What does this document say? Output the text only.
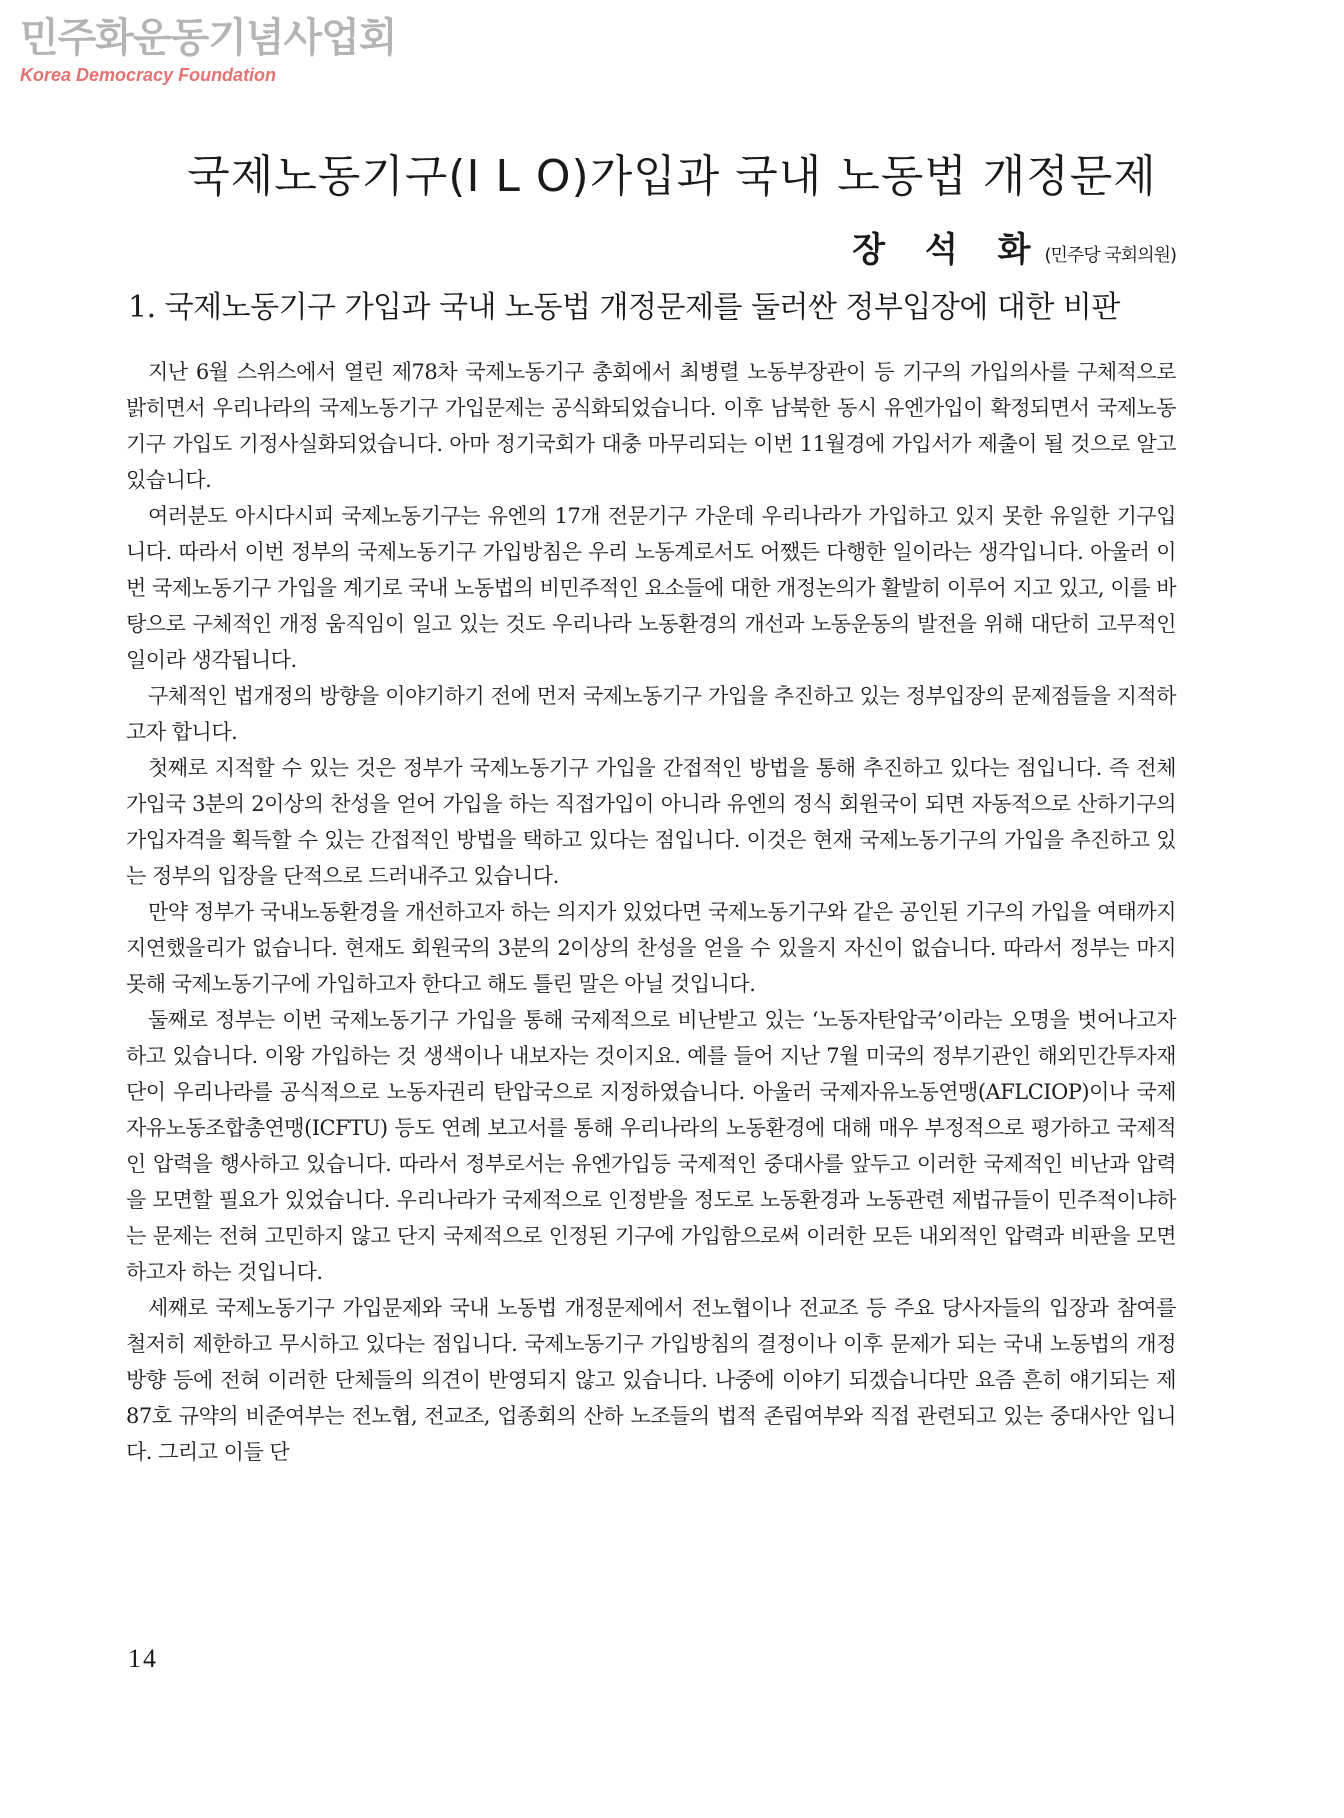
민주화운동기념사업회
Korea Democracy Foundation
국제노동기구(I L O)가입과 국내 노동법 개정문제
장 석 화(민주당 국회의원)
1. 국제노동기구 가입과 국내 노동법 개정문제를 둘러싼 정부입장에 대한 비판

지난 6월 스위스에서 열린 제78차 국제노동기구 총회에서 최병렬 노동부장관이 등 기구의 가입의사를 구체적으로 밝히면서 우리나라의 국제노동기구 가입문제는 공식화되었습니다. 이후 남북한 동시 유엔가입이 확정되면서 국제노동기구 가입도 기정사실화되었습니다. 아마 정기국회가 대충 마무리되는 이번 11월경에 가입서가 제출이 될 것으로 알고 있습니다.

여러분도 아시다시피 국제노동기구는 유엔의 17개 전문기구 가운데 우리나라가 가입하고 있지 못한 유일한 기구입니다. 따라서 이번 정부의 국제노동기구 가입방침은 우리 노동계로서도 어쨌든 다행한 일이라는 생각입니다. 아울러 이번 국제노동기구 가입을 계기로 국내 노동법의 비민주적인 요소들에 대한 개정논의가 활발히 이루어 지고 있고, 이를 바탕으로 구체적인 개정 움직임이 일고 있는 것도 우리나라 노동환경의 개선과 노동운동의 발전을 위해 대단히 고무적인 일이라 생각됩니다.

구체적인 법개정의 방향을 이야기하기 전에 먼저 국제노동기구 가입을 추진하고 있는 정부입장의 문제점들을 지적하고자 합니다.

첫째로 지적할 수 있는 것은 정부가 국제노동기구 가입을 간접적인 방법을 통해 추진하고 있다는 점입니다. 즉 전체가입국 3분의 2이상의 찬성을 얻어 가입을 하는 직접가입이 아니라 유엔의 정식 회원국이 되면 자동적으로 산하기구의 가입자격을 획득할 수 있는 간접적인 방법을 택하고 있다는 점입니다. 이것은 현재 국제노동기구의 가입을 추진하고 있는 정부의 입장을 단적으로 드러내주고 있습니다.

만약 정부가 국내노동환경을 개선하고자 하는 의지가 있었다면 국제노동기구와 같은 공인된 기구의 가입을 여태까지 지연했을리가 없습니다. 현재도 회원국의 3분의 2이상의 찬성을 얻을 수 있을지 자신이 없습니다. 따라서 정부는 마지못해 국제노동기구에 가입하고자 한다고 해도 틀린 말은 아닐 것입니다.

둘째로 정부는 이번 국제노동기구 가입을 통해 국제적으로 비난받고 있는 ‘노동자탄압국’이라는 오명을 벗어나고자 하고 있습니다. 이왕 가입하는 것 생색이나 내보자는 것이지요. 예를 들어 지난 7월 미국의 정부기관인 해외민간투자재단이 우리나라를 공식적으로 노동자권리 탄압국으로 지정하였습니다. 아울러 국제자유노동연맹(AFLCIOP)이나 국제자유노동조합총연맹(ICFTU) 등도 연례 보고서를 통해 우리나라의 노동환경에 대해 매우 부정적으로 평가하고 국제적인 압력을 행사하고 있습니다. 따라서 정부로서는 유엔가입등 국제적인 중대사를 앞두고 이러한 국제적인 비난과 압력을 모면할 필요가 있었습니다. 우리나라가 국제적으로 인정받을 정도로 노동환경과 노동관련 제법규들이 민주적이냐하는 문제는 전혀 고민하지 않고 단지 국제적으로 인정된 기구에 가입함으로써 이러한 모든 내외적인 압력과 비판을 모면하고자 하는 것입니다.

세째로 국제노동기구 가입문제와 국내 노동법 개정문제에서 전노협이나 전교조 등 주요 당사자들의 입장과 참여를 철저히 제한하고 무시하고 있다는 점입니다. 국제노동기구 가입방침의 결정이나 이후 문제가 되는 국내 노동법의 개정방향 등에 전혀 이러한 단체들의 의견이 반영되지 않고 있습니다. 나중에 이야기 되겠습니다만 요즘 흔히 얘기되는 제87호 규약의 비준여부는 전노협, 전교조, 업종회의 산하 노조들의 법적 존립여부와 직접 관련되고 있는 중대사안 입니다. 그리고 이들 단

14
